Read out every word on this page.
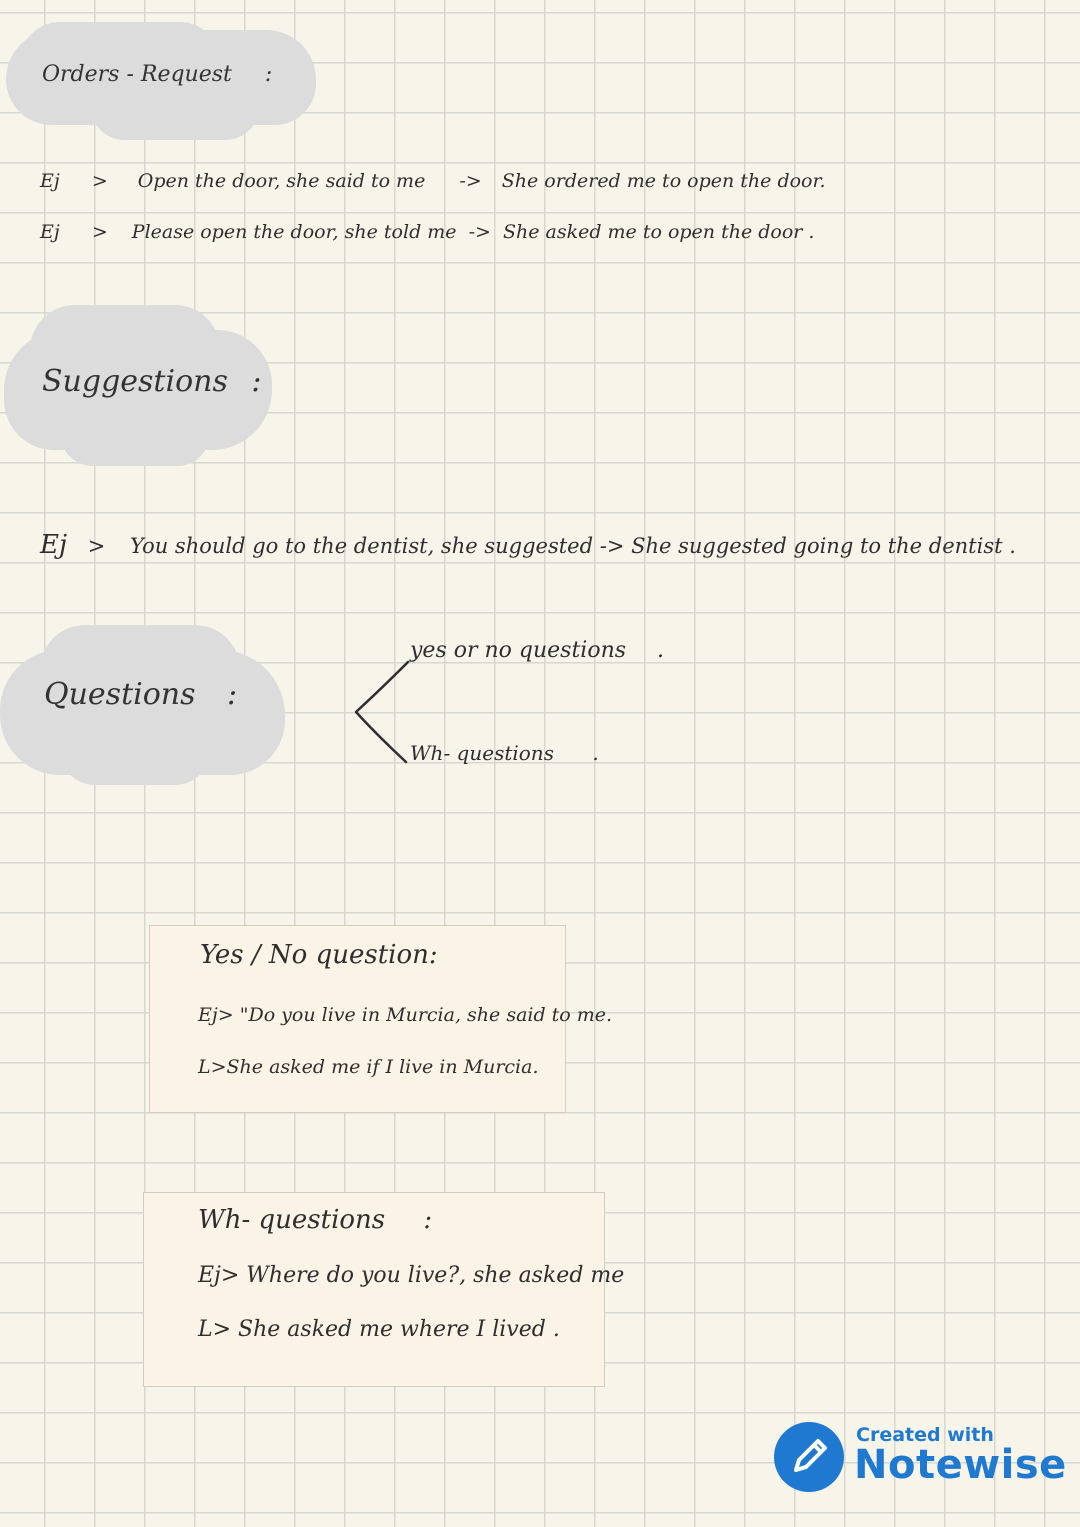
Orders - Request :
Ej > Open the door, she said to me -> She ordered me to open the door.
Ej > Please open the door, she told me -> She asked me to open the door .
Suggestions :
Ej > You should go to the dentist, she suggested -> She suggested going to the dentist .
Questions :
yes or no questions .
Wh- questions .
Yes / No question:
Ej> "Do you live in Murcia, she said to me.
L>She asked me if I live in Murcia.
Wh- questions :
Ej> Where do you live?, she asked me
L> She asked me where I lived .
Created with
Notewise
